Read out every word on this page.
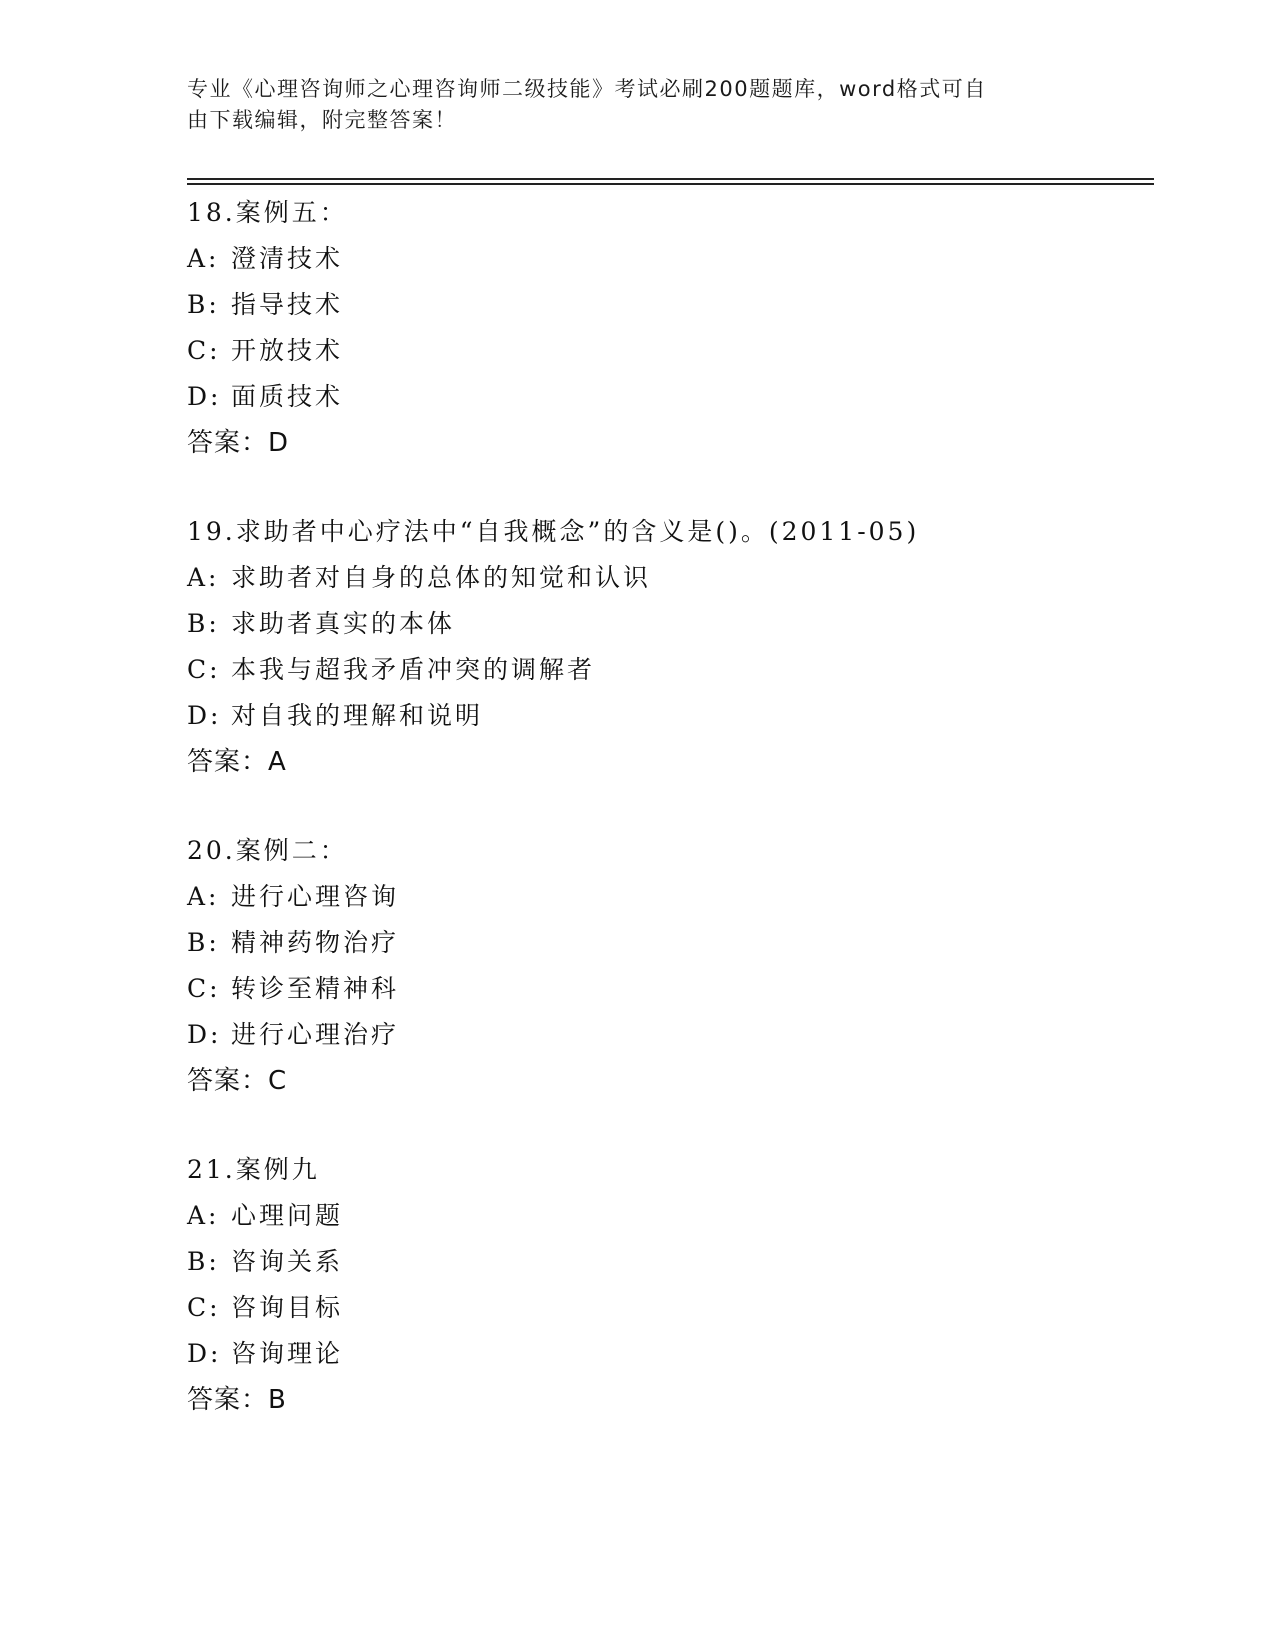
专业《心理咨询师之心理咨询师二级技能》考试必刷200题题库，word格式可自
由下载编辑，附完整答案！
18.案例五：
A: 澄清技术
B: 指导技术
C: 开放技术
D: 面质技术
答案：D
19.求助者中心疗法中“自我概念”的含义是()。(2011-05)
A: 求助者对自身的总体的知觉和认识
B: 求助者真实的本体
C: 本我与超我矛盾冲突的调解者
D: 对自我的理解和说明
答案：A
20.案例二：
A: 进行心理咨询
B: 精神药物治疗
C: 转诊至精神科
D: 进行心理治疗
答案：C
21.案例九
A: 心理问题
B: 咨询关系
C: 咨询目标
D: 咨询理论
答案：B
